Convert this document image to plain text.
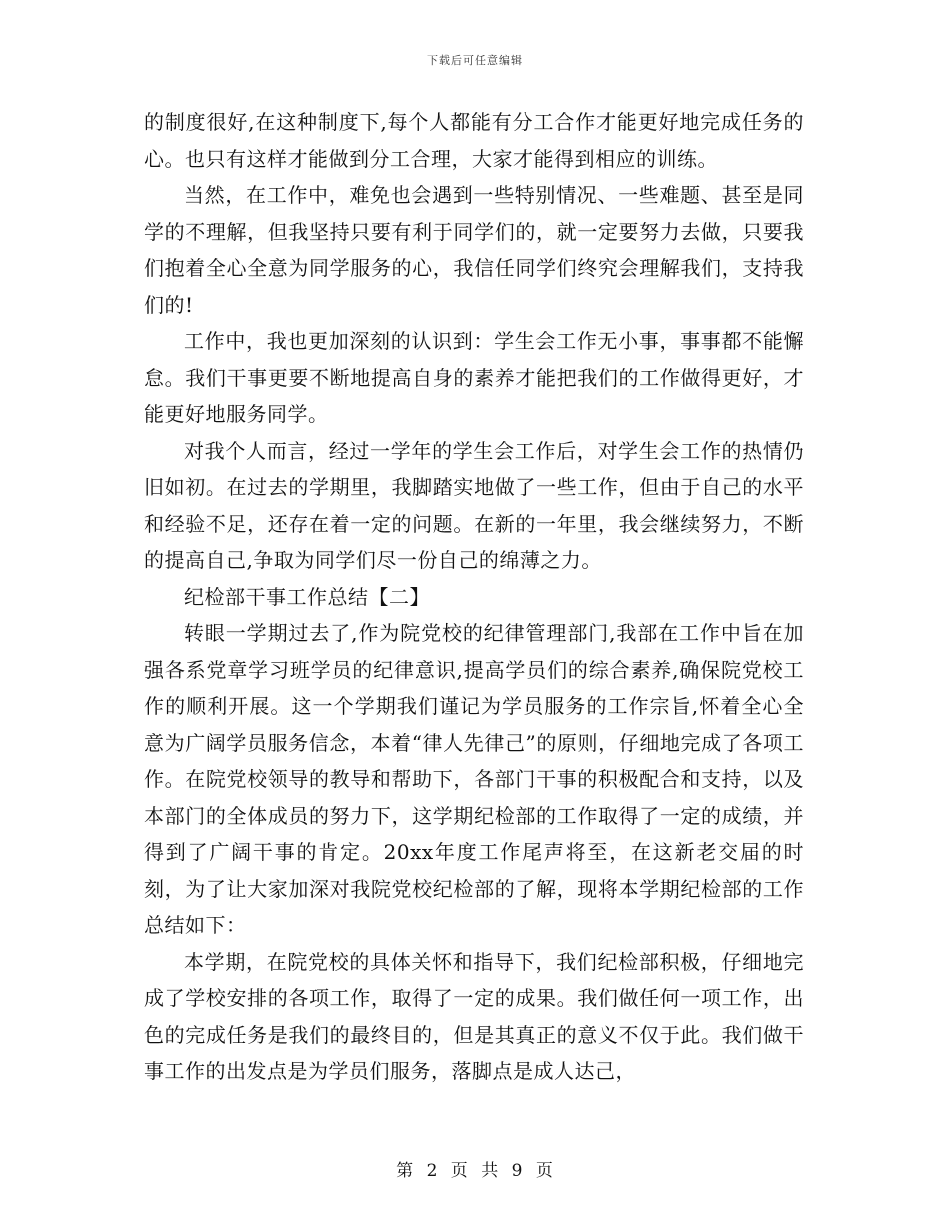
下载后可任意编辑

的制度很好,在这种制度下,每个人都能有分工合作才能更好地完成任务的心。也只有这样才能做到分工合理，大家才能得到相应的训练。

当然，在工作中，难免也会遇到一些特别情况、一些难题、甚至是同学的不理解，但我坚持只要有利于同学们的，就一定要努力去做，只要我们抱着全心全意为同学服务的心，我信任同学们终究会理解我们，支持我们的!

工作中，我也更加深刻的认识到：学生会工作无小事，事事都不能懈怠。我们干事更要不断地提高自身的素养才能把我们的工作做得更好，才能更好地服务同学。

对我个人而言，经过一学年的学生会工作后，对学生会工作的热情仍旧如初。在过去的学期里，我脚踏实地做了一些工作，但由于自己的水平和经验不足，还存在着一定的问题。在新的一年里，我会继续努力，不断的提高自己,争取为同学们尽一份自己的绵薄之力。

纪检部干事工作总结【二】

转眼一学期过去了,作为院党校的纪律管理部门,我部在工作中旨在加强各系党章学习班学员的纪律意识,提高学员们的综合素养,确保院党校工作的顺利开展。这一个学期我们谨记为学员服务的工作宗旨,怀着全心全意为广阔学员服务信念，本着“律人先律己”的原则，仔细地完成了各项工作。在院党校领导的教导和帮助下，各部门干事的积极配合和支持，以及本部门的全体成员的努力下，这学期纪检部的工作取得了一定的成绩，并得到了广阔干事的肯定。20xx年度工作尾声将至，在这新老交届的时刻，为了让大家加深对我院党校纪检部的了解，现将本学期纪检部的工作总结如下：

本学期，在院党校的具体关怀和指导下，我们纪检部积极，仔细地完成了学校安排的各项工作，取得了一定的成果。我们做任何一项工作，出色的完成任务是我们的最终目的，但是其真正的意义不仅于此。我们做干事工作的出发点是为学员们服务，落脚点是成人达己，

第 2 页 共 9 页
